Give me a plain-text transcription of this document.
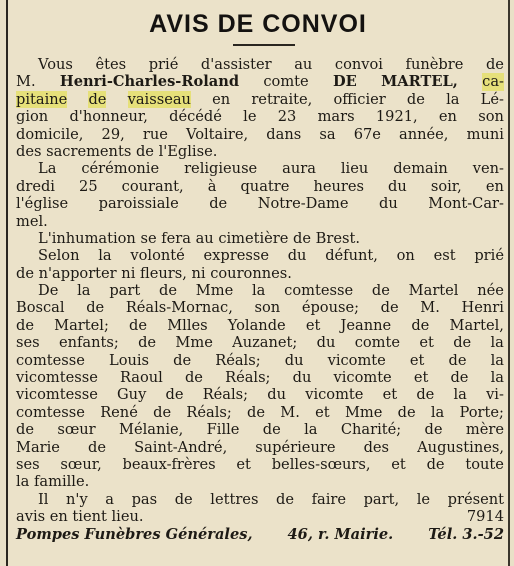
AVIS DE CONVOI
Vous êtes prié d'assister au convoi funèbre de
M. Henri-Charles-Roland comte DE MARTEL, ca-
pitaine de vaisseau en retraite, officier de la Lé-
gion d'honneur, décédé le 23 mars 1921, en son
domicile, 29, rue Voltaire, dans sa 67e année, muni
des sacrements de l'Eglise.
La cérémonie religieuse aura lieu demain ven-
dredi 25 courant, à quatre heures du soir, en
l'église paroissiale de Notre-Dame du Mont-Car-
mel.
L'inhumation se fera au cimetière de Brest.
Selon la volonté expresse du défunt, on est prié
de n'apporter ni fleurs, ni couronnes.
De la part de Mme la comtesse de Martel née
Boscal de Réals-Mornac, son épouse; de M. Henri
de Martel; de Mlles Yolande et Jeanne de Martel,
ses enfants; de Mme Auzanet; du comte et de la
comtesse Louis de Réals; du vicomte et de la
vicomtesse Raoul de Réals; du vicomte et de la
vicomtesse Guy de Réals; du vicomte et de la vi-
comtesse René de Réals; de M. et Mme de la Porte;
de sœur Mélanie, Fille de la Charité; de mère
Marie de Saint-André, supérieure des Augustines,
ses sœur, beaux-frères et belles-sœurs, et de toute
la famille.
Il n'y a pas de lettres de faire part, le présent
avis en tient lieu.	7914
Pompes Funèbres Générales, 46, r. Mairie. Tél. 3.-52
